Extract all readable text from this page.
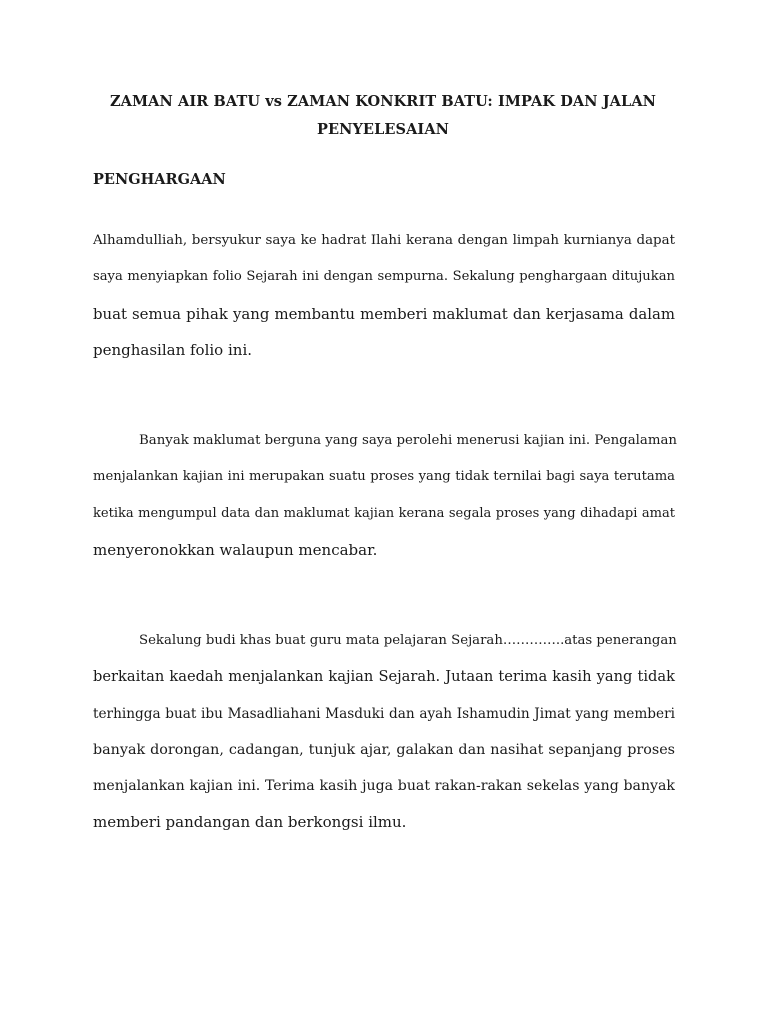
ZAMAN AIR BATU vs ZAMAN KONKRIT BATU: IMPAK DAN JALAN
PENYELESAIAN
PENGHARGAAN
Alhamdulliah, bersyukur saya ke hadrat Ilahi kerana dengan limpah kurnianya dapat
saya menyiapkan folio Sejarah ini dengan sempurna. Sekalung penghargaan ditujukan
buat semua pihak yang membantu memberi maklumat dan kerjasama dalam
penghasilan folio ini.
Banyak maklumat berguna yang saya perolehi menerusi kajian ini. Pengalaman
menjalankan kajian ini merupakan suatu proses yang tidak ternilai bagi saya terutama
ketika mengumpul data dan maklumat kajian kerana segala proses yang dihadapi amat
menyeronokkan walaupun mencabar.
Sekalung budi khas buat guru mata pelajaran Sejarah…………..atas penerangan
berkaitan kaedah menjalankan kajian Sejarah. Jutaan terima kasih yang tidak
terhingga buat ibu Masadliahani Masduki dan ayah Ishamudin Jimat yang memberi
banyak dorongan, cadangan, tunjuk ajar, galakan dan nasihat sepanjang proses
menjalankan kajian ini. Terima kasih juga buat rakan-rakan sekelas yang banyak
memberi pandangan dan berkongsi ilmu.
